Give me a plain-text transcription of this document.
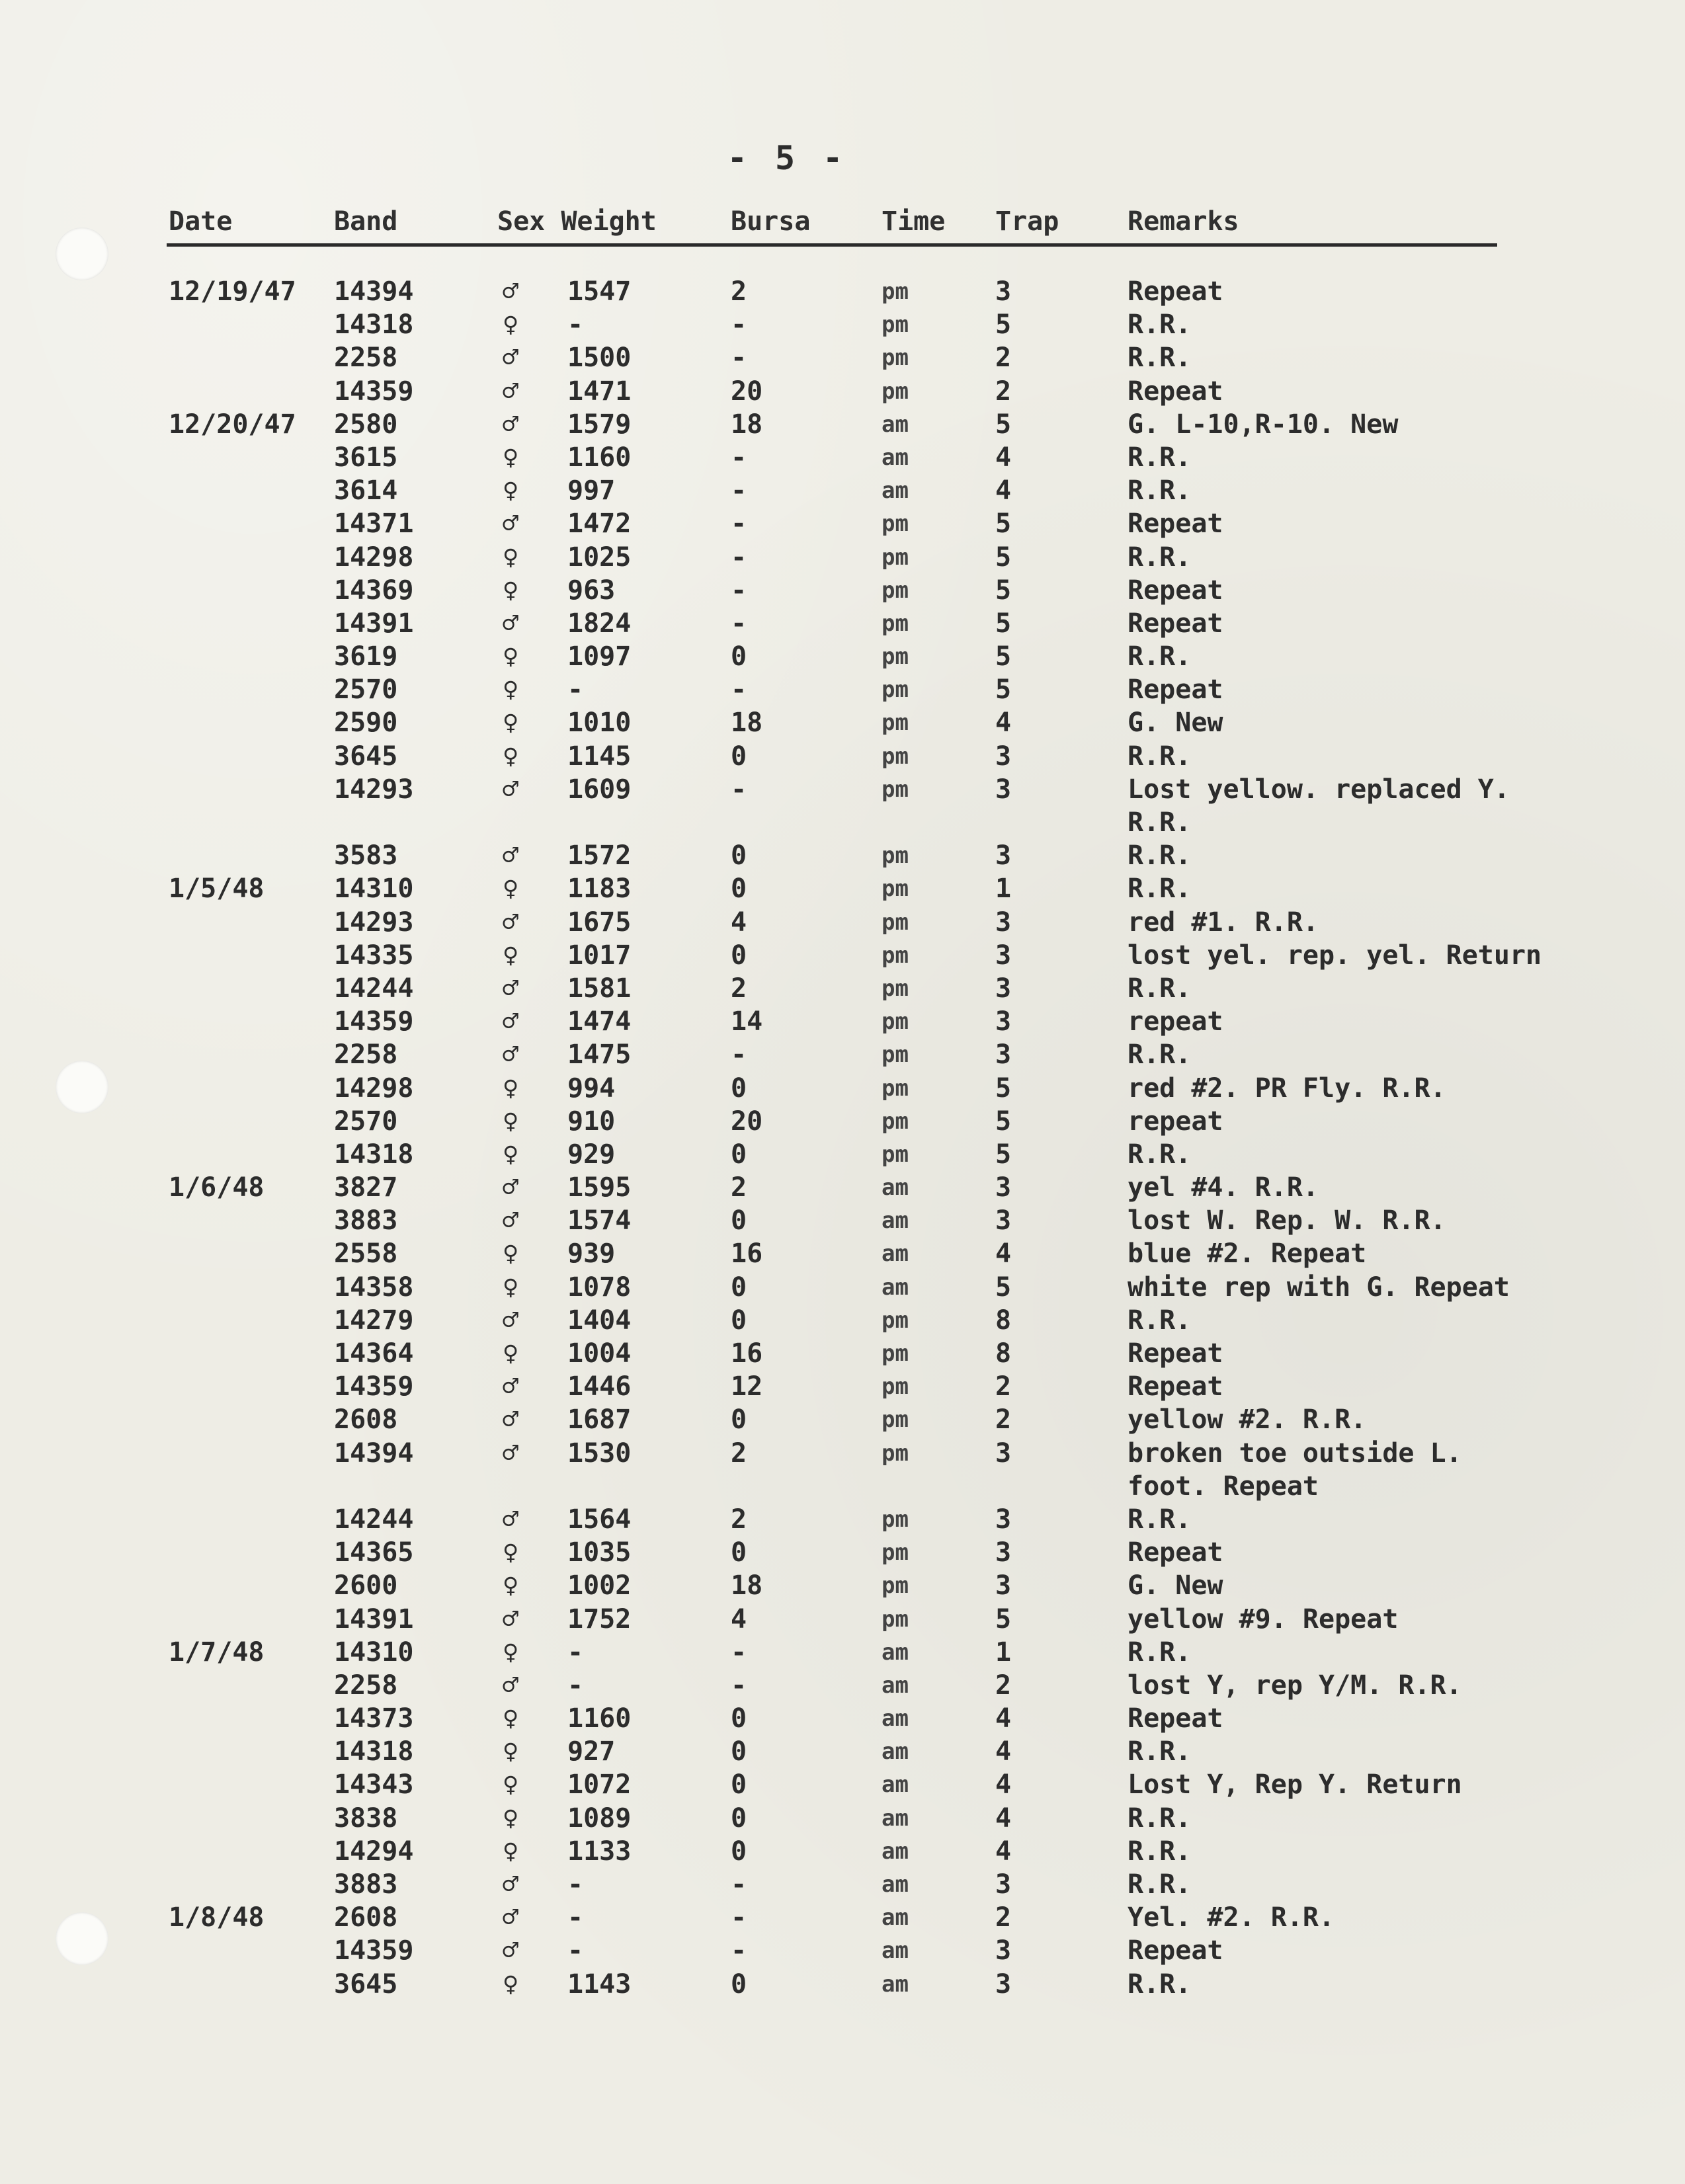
- 5 -
Date	Band	Sex Weight	Bursa	Time Trap	Remarks
12/19/47 14394	♂ 1547	2	pm	3	Repeat
14318	♀ -	-	pm	5	R.R.
2258	♂ 1500	-	pm	2	R.R.
14359	♂ 1471	20	pm	2	Repeat
12/20/47 2580	♂ 1579	18	am	5	G. L-10,R-10. New
3615	♀ 1160	-	am	4	R.R.
3614	♀ 997	-	am	4	R.R.
14371	♂ 1472	-	pm	5	Repeat
14298	♀ 1025	-	pm	5	R.R.
14369	♀ 963	-	pm	5	Repeat
14391	♂ 1824	-	pm	5	Repeat
3619	♀ 1097	0	pm	5	R.R.
2570	♀ -	-	pm	5	Repeat
2590	♀ 1010	18	pm	4	G. New
3645	♀ 1145	0	pm	3	R.R.
14293	♂ 1609	-	pm	3	Lost yellow. replaced Y.
R.R.
3583	♂ 1572	0	pm	3	R.R.
1/5/48	14310	♀ 1183	0	pm	1	R.R.
14293	♂ 1675	4	pm	3	red #1. R.R.
14335	♀ 1017	0	pm	3	lost yel. rep. yel. Return
14244	♂ 1581	2	pm	3	R.R.
14359	♂ 1474	14	pm	3	repeat
2258	♂ 1475	-	pm	3	R.R.
14298	♀ 994	0	pm	5	red #2. PR Fly. R.R.
2570	♀ 910	20	pm	5	repeat
14318	♀ 929	0	pm	5	R.R.
1/6/48	3827	♂ 1595	2	am	3	yel #4. R.R.
3883	♂ 1574	0	am	3	lost W. Rep. W. R.R.
2558	♀ 939	16	am	4	blue #2. Repeat
14358	♀ 1078	0	am	5	white rep with G. Repeat
14279	♂ 1404	0	pm	8	R.R.
14364	♀ 1004	16	pm	8	Repeat
14359	♂ 1446	12	pm	2	Repeat
2608	♂ 1687	0	pm	2	yellow #2. R.R.
14394	♂ 1530	2	pm	3	broken toe outside L.
foot. Repeat
14244	♂ 1564	2	pm	3	R.R.
14365	♀ 1035	0	pm	3	Repeat
2600	♀ 1002	18	pm	3	G. New
14391	♂ 1752	4	pm	5	yellow #9. Repeat
1/7/48	14310	♀ -	-	am	1	R.R.
2258	♂ -	-	am	2	lost Y, rep Y/M. R.R.
14373	♀ 1160	0	am	4	Repeat
14318	♀ 927	0	am	4	R.R.
14343	♀ 1072	0	am	4	Lost Y, Rep Y. Return
3838	♀ 1089	0	am	4	R.R.
14294	♀ 1133	0	am	4	R.R.
3883	♂ -	-	am	3	R.R.
1/8/48	2608	♂ -	-	am	2	Yel. #2. R.R.
14359	♂ -	-	am	3	Repeat
3645	♀ 1143	0	am	3	R.R.
